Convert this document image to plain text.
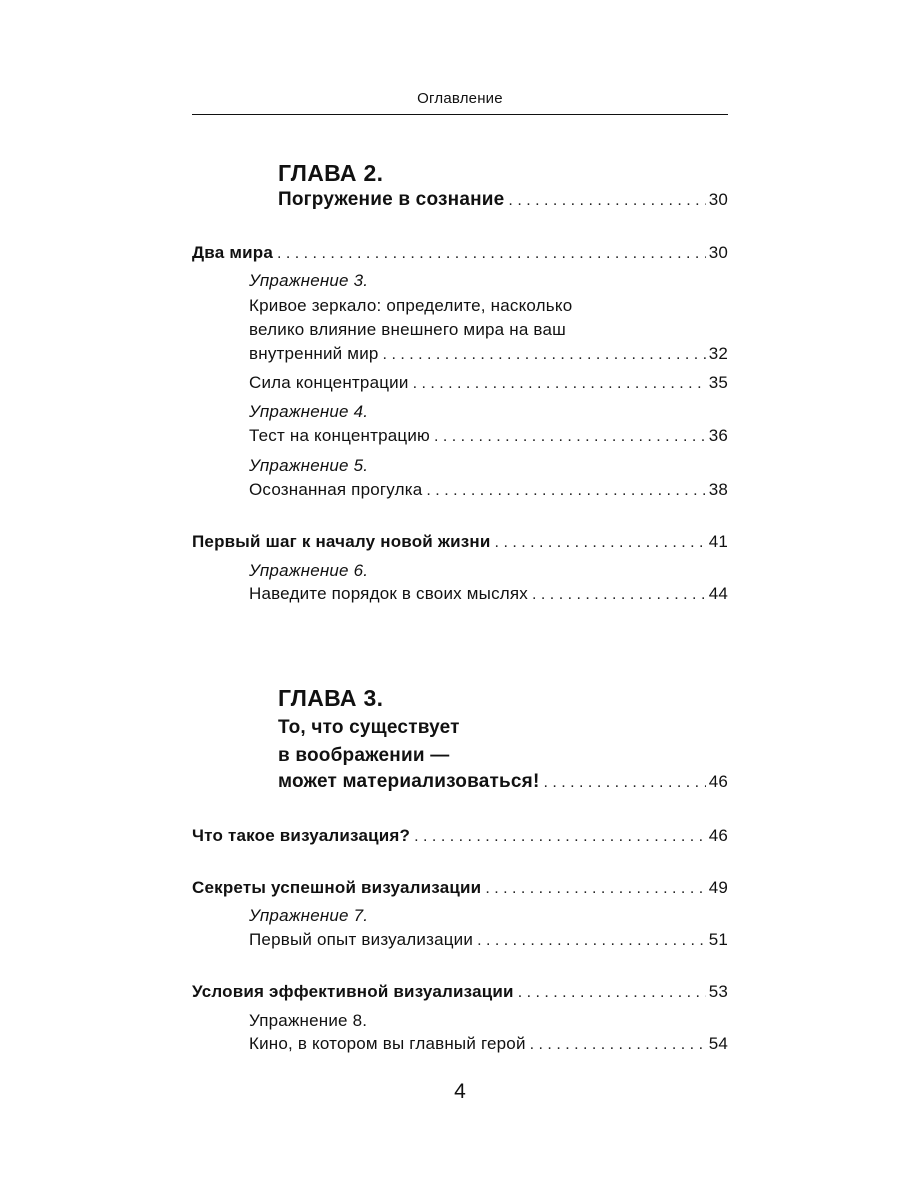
Оглавление
ГЛАВА 2.
Погружение в сознание . . .	30
Два мира . . .	30
Упражнение 3.
Кривое зеркало: определите, насколько
велико влияние внешнего мира на ваш
внутренний мир . . .	32
Сила концентрации . . .	35
Упражнение 4.
Тест на концентрацию . . .	36
Упражнение 5.
Осознанная прогулка . . .	38
Первый шаг к началу новой жизни . . .	41
Упражнение 6.
Наведите порядок в своих мыслях . . .	44
ГЛАВА 3.
То, что существует
в воображении —
может материализоваться! . . .	46
Что такое визуализация? . . .	46
Секреты успешной визуализации . . .	49
Упражнение 7.
Первый опыт визуализации . . .	51
Условия эффективной визуализации . . .	53
Упражнение 8.
Кино, в котором вы главный герой . . .	54
4
